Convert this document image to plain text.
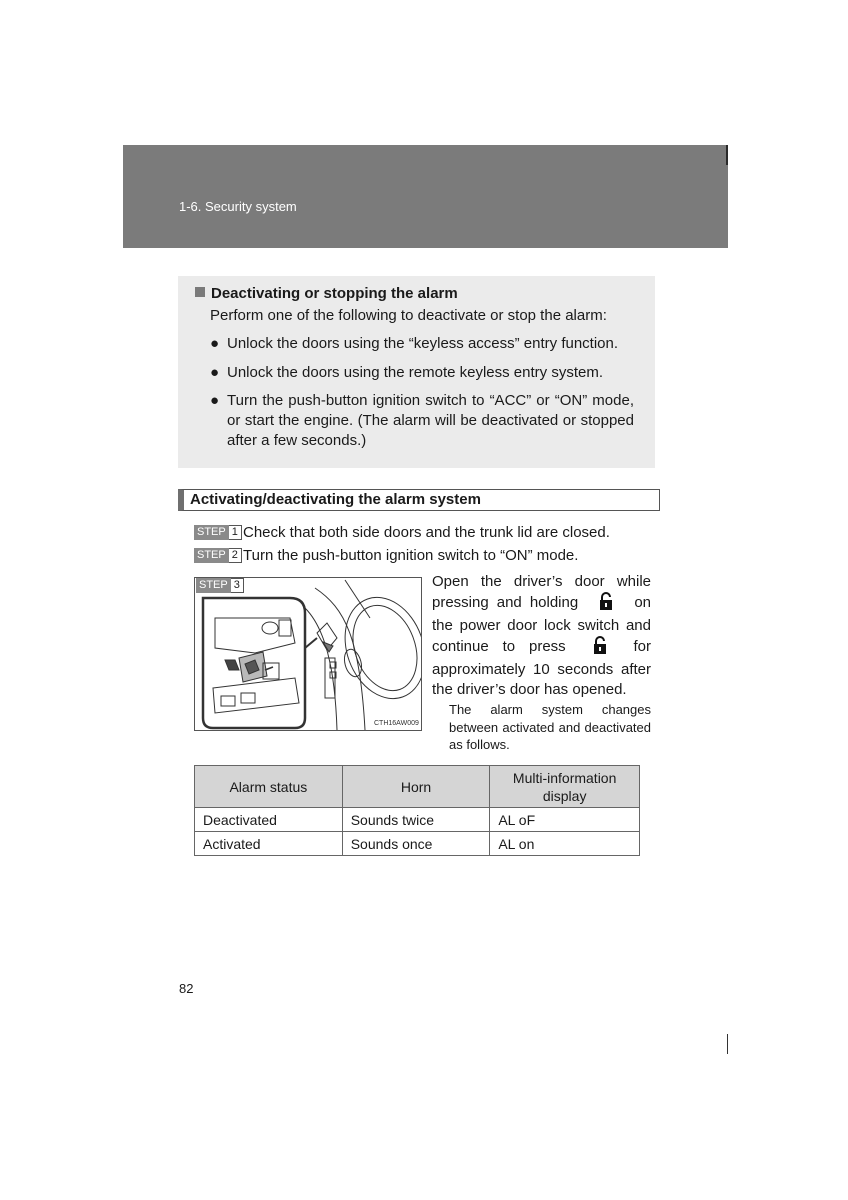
1-6. Security system
Deactivating or stopping the alarm
Perform one of the following to deactivate or stop the alarm:
● Unlock the doors using the “keyless access” entry function.
● Unlock the doors using the remote keyless entry system.
● Turn the push-button ignition switch to “ACC” or “ON” mode, or start the engine. (The alarm will be deactivated or stopped after a few seconds.)
Activating/deactivating the alarm system
STEP 1 Check that both side doors and the trunk lid are closed.
STEP 2 Turn the push-button ignition switch to “ON” mode.
STEP 3
CTH16AW009
Open the driver’s door while pressing and holding	on the power door lock switch and continue to press	for approximately 10 seconds after the driver’s door has opened.
The alarm system changes between activated and deactivated as follows.
Alarm status	Horn	Multi-information display
Deactivated	Sounds twice	AL oF
Activated	Sounds once	AL on
82
